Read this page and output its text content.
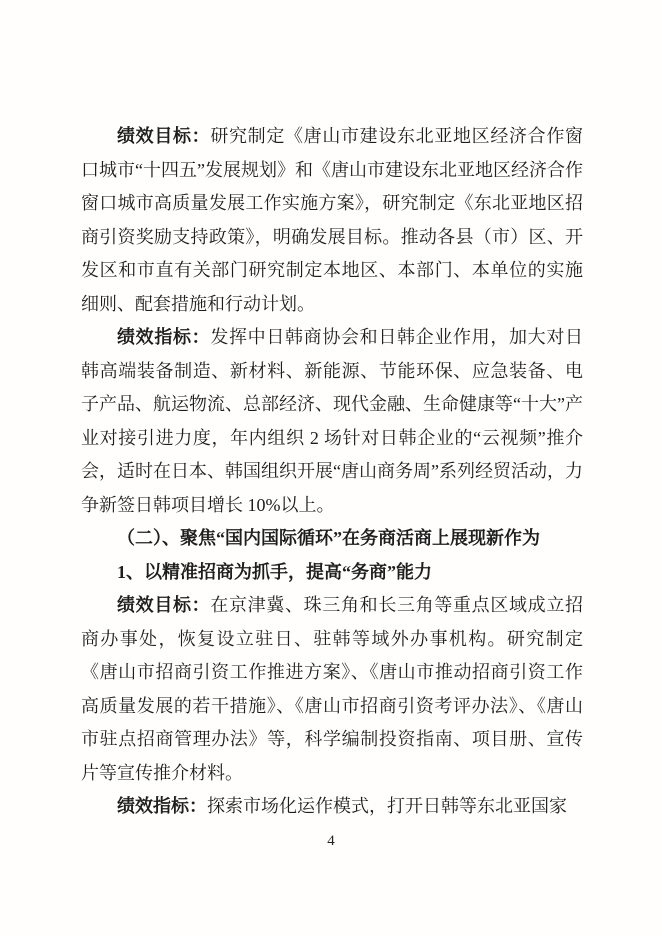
绩效目标：研究制定《唐山市建设东北亚地区经济合作窗口城市“十四五”发展规划》和《唐山市建设东北亚地区经济合作窗口城市高质量发展工作实施方案》，研究制定《东北亚地区招商引资奖励支持政策》，明确发展目标。推动各县（市）区、开发区和市直有关部门研究制定本地区、本部门、本单位的实施细则、配套措施和行动计划。

绩效指标：发挥中日韩商协会和日韩企业作用，加大对日韩高端装备制造、新材料、新能源、节能环保、应急装备、电子产品、航运物流、总部经济、现代金融、生命健康等“十大”产业对接引进力度，年内组织 2 场针对日韩企业的“云视频”推介会，适时在日本、韩国组织开展“唐山商务周”系列经贸活动，力争新签日韩项目增长 10%以上。

（二）、聚焦“国内国际循环”在务商活商上展现新作为

1、以精准招商为抓手，提高“务商”能力

绩效目标：在京津冀、珠三角和长三角等重点区域成立招商办事处，恢复设立驻日、驻韩等域外办事机构。研究制定《唐山市招商引资工作推进方案》、《唐山市推动招商引资工作高质量发展的若干措施》、《唐山市招商引资考评办法》、《唐山市驻点招商管理办法》等，科学编制投资指南、项目册、宣传片等宣传推介材料。

绩效指标：探索市场化运作模式，打开日韩等东北亚国家

4
